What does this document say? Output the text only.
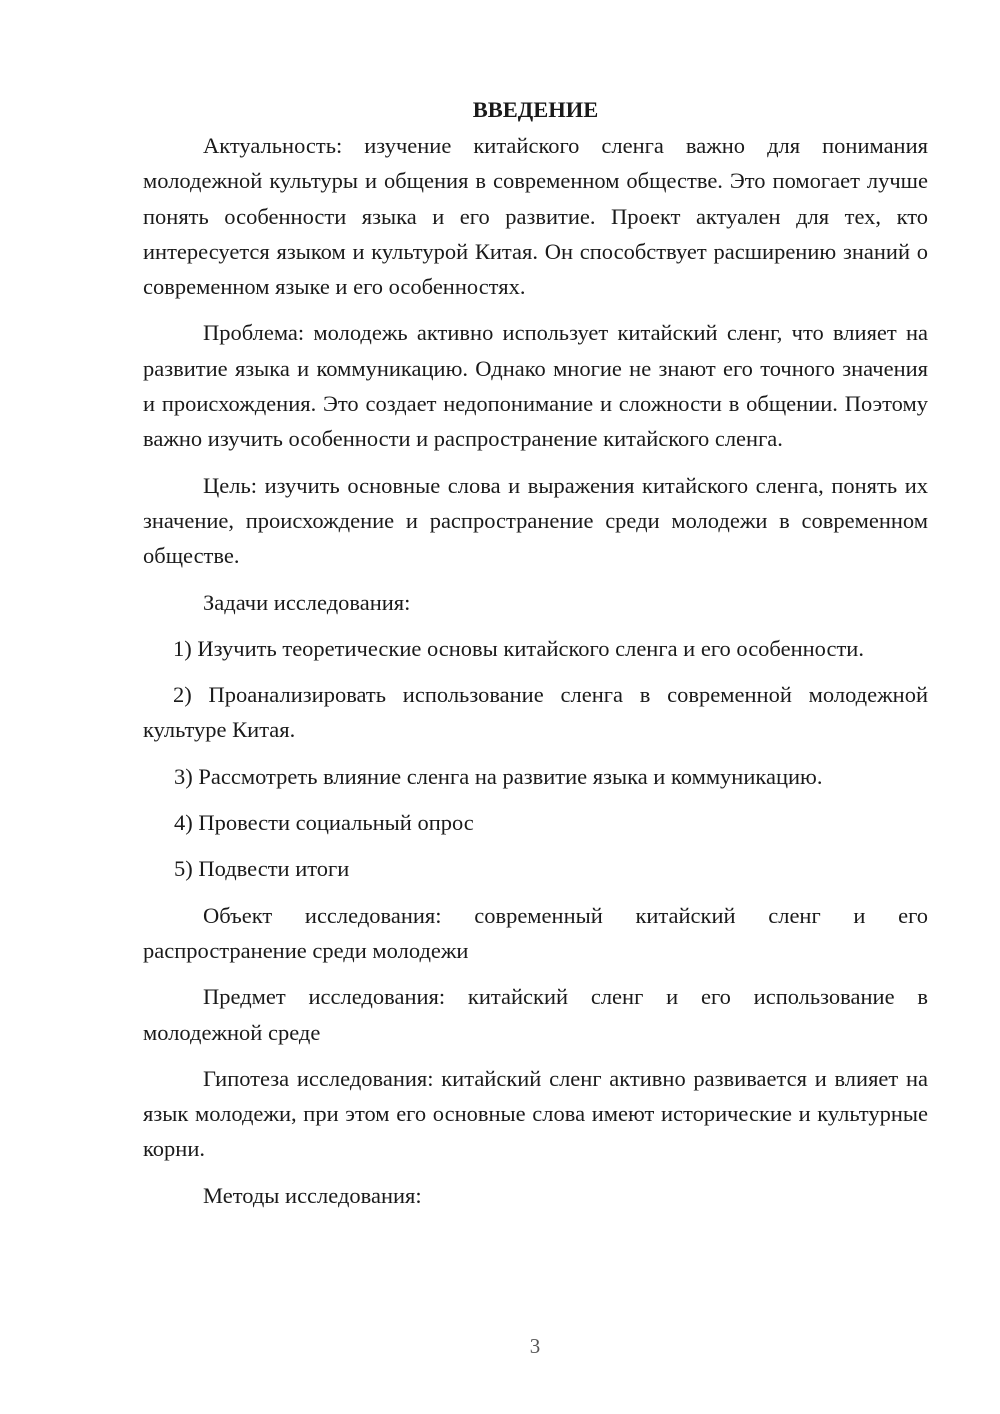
ВВЕДЕНИЕ

Актуальность: изучение китайского сленга важно для понимания молодежной культуры и общения в современном обществе. Это помогает лучше понять особенности языка и его развитие. Проект актуален для тех, кто интересуется языком и культурой Китая. Он способствует расширению знаний о современном языке и его особенностях.

Проблема: молодежь активно использует китайский сленг, что влияет на развитие языка и коммуникацию. Однако многие не знают его точного значения и происхождения. Это создает недопонимание и сложности в общении. Поэтому важно изучить особенности и распространение китайского сленга.

Цель: изучить основные слова и выражения китайского сленга, понять их значение, происхождение и распространение среди молодежи в современном обществе.

Задачи исследования:

1) Изучить теоретические основы китайского сленга и его особенности.

2) Проанализировать использование сленга в современной молодежной культуре Китая.

3) Рассмотреть влияние сленга на развитие языка и коммуникацию.

4) Провести социальный опрос

5) Подвести итоги

Объект исследования: современный китайский сленг и его распространение среди молодежи

Предмет исследования: китайский сленг и его использование в молодежной среде

Гипотеза исследования: китайский сленг активно развивается и влияет на язык молодежи, при этом его основные слова имеют исторические и культурные корни.

Методы исследования:

3
